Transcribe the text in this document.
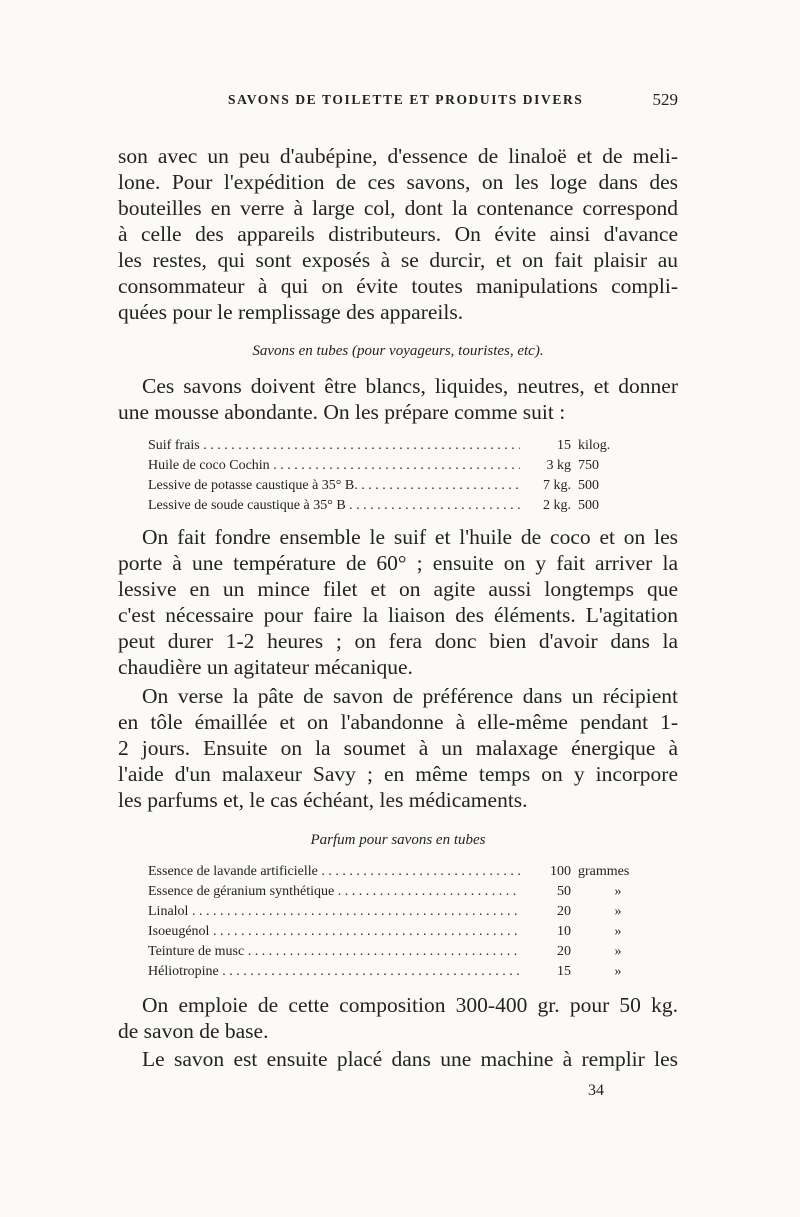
SAVONS DE TOILETTE ET PRODUITS DIVERS	529
son avec un peu d'aubépine, d'essence de linaloë et de meli-
lone. Pour l'expédition de ces savons, on les loge dans des
bouteilles en verre à large col, dont la contenance correspond
à celle des appareils distributeurs. On évite ainsi d'avance
les restes, qui sont exposés à se durcir, et on fait plaisir au
consommateur à qui on évite toutes manipulations compli-
quées pour le remplissage des appareils.
Savons en tubes (pour voyageurs, touristes, etc).
Ces savons doivent être blancs, liquides, neutres, et donner
une mousse abondante. On les prépare comme suit :
Suif frais . . .	15 kilog.
Huile de coco Cochin . . .	3 kg 750
Lessive de potasse caustique à 35° B. . . .	7 kg. 500
Lessive de soude caustique à 35° B . . .	2 kg. 500
On fait fondre ensemble le suif et l'huile de coco et on les
porte à une température de 60° ; ensuite on y fait arriver la
lessive en un mince filet et on agite aussi longtemps que
c'est nécessaire pour faire la liaison des éléments. L'agitation
peut durer 1-2 heures ; on fera donc bien d'avoir dans la
chaudière un agitateur mécanique.
On verse la pâte de savon de préférence dans un récipient
en tôle émaillée et on l'abandonne à elle-même pendant 1-
2 jours. Ensuite on la soumet à un malaxage énergique à
l'aide d'un malaxeur Savy ; en même temps on y incorpore
les parfums et, le cas échéant, les médicaments.
Parfum pour savons en tubes
Essence de lavande artificielle . . .	100 grammes
Essence de géranium synthétique . . .	50	»
Linalol . . .	20	»
Isoeugénol . . .	10	»
Teinture de musc . . .	20	»
Héliotropine . . .	15	»
On emploie de cette composition 300-400 gr. pour 50 kg.
de savon de base.
Le savon est ensuite placé dans une machine à remplir les
34
